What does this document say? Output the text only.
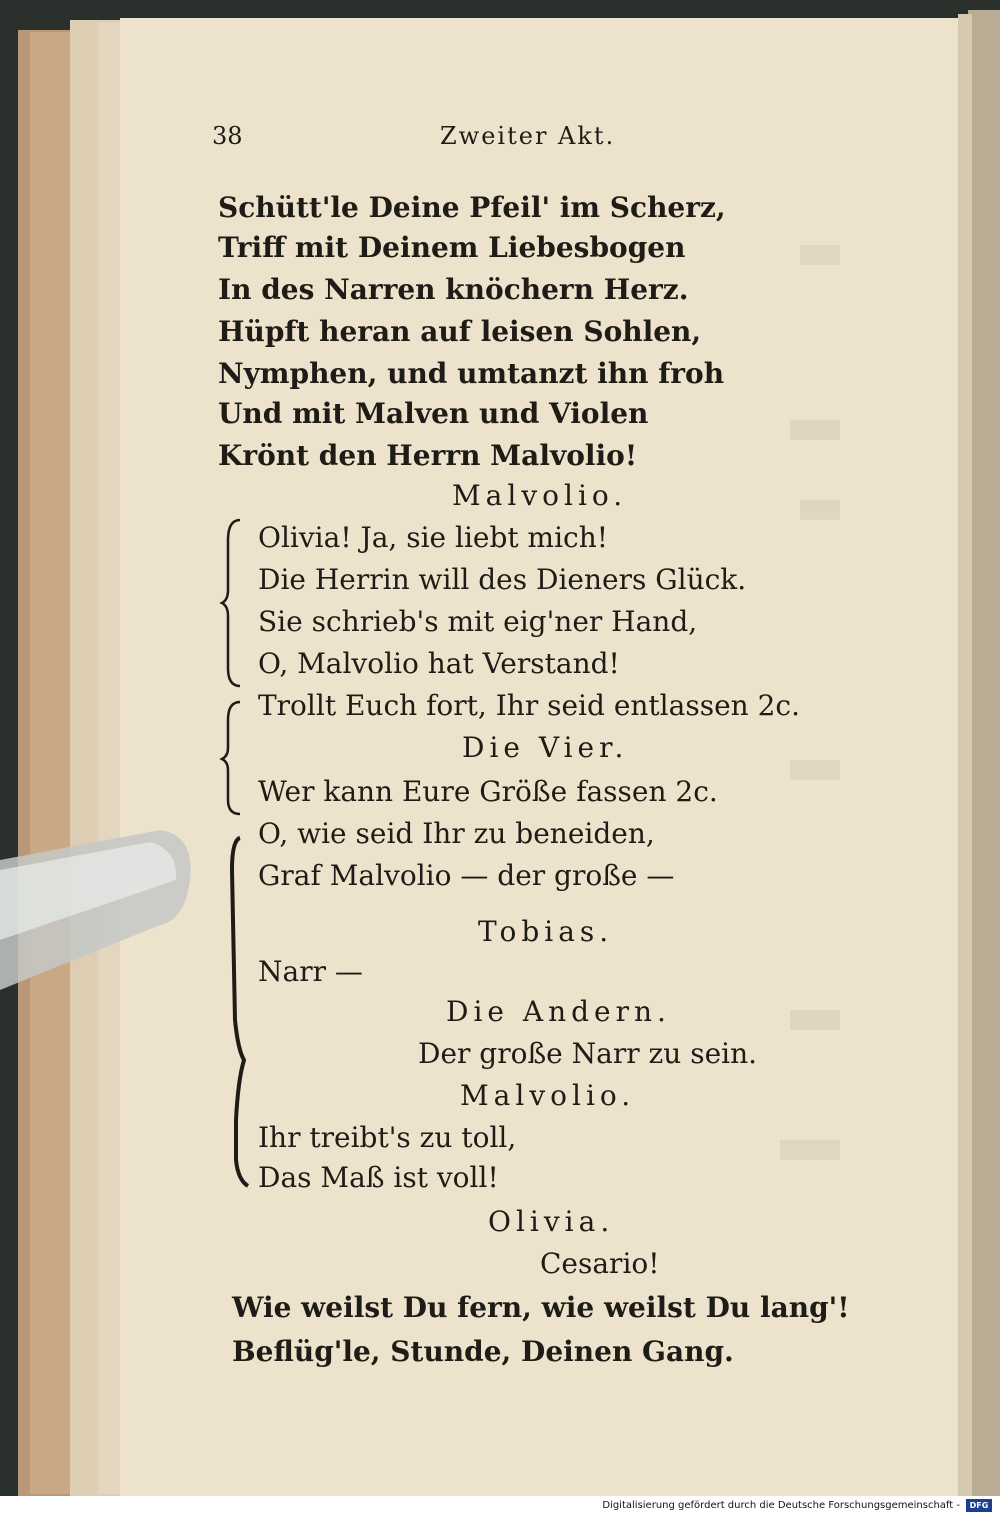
38	Zweiter Akt.
Schütt'le Deine Pfeil' im Scherz,
Triff mit Deinem Liebesbogen
In des Narren knöchern Herz.
Hüpft heran auf leisen Sohlen,
Nymphen, und umtanzt ihn froh
Und mit Malven und Violen
Krönt den Herrn Malvolio!
Malvolio.
Olivia! Ja, sie liebt mich!
Die Herrin will des Dieners Glück.
Sie schrieb's mit eig'ner Hand,
O, Malvolio hat Verstand!
Trollt Euch fort, Ihr seid entlassen 2c.
Die Vier.
Wer kann Eure Größe fassen 2c.
O, wie seid Ihr zu beneiden,
Graf Malvolio — der große —
Tobias.
Narr —
Die Andern.
Der große Narr zu sein.
Malvolio.
Ihr treibt's zu toll,
Das Maß ist voll!
Olivia.
Cesario!
Wie weilst Du fern, wie weilst Du lang'!
Beflüg'le, Stunde, Deinen Gang.
Digitalisierung gefördert durch die Deutsche Forschungsgemeinschaft -	DFG
